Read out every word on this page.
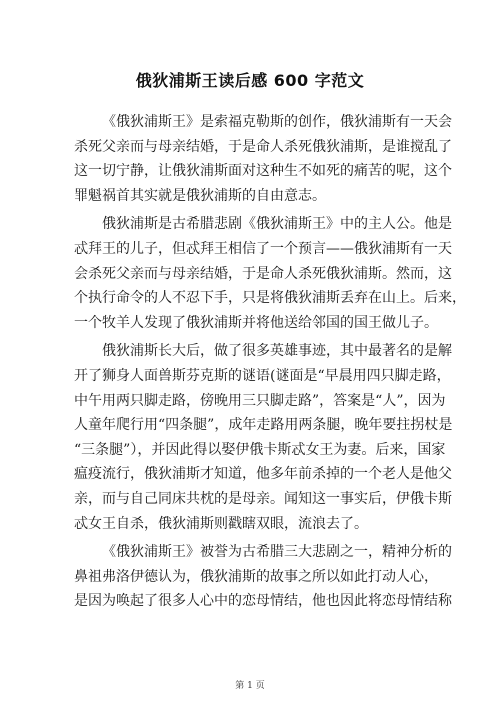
俄狄浦斯王读后感 600 字范文
《俄狄浦斯王》是索福克勒斯的创作，俄狄浦斯有一天会
杀死父亲而与母亲结婚，于是命人杀死俄狄浦斯，是谁搅乱了
这一切宁静，让俄狄浦斯面对这种生不如死的痛苦的呢，这个
罪魁祸首其实就是俄狄浦斯的自由意志。
俄狄浦斯是古希腊悲剧《俄狄浦斯王》中的主人公。他是
忒拜王的儿子，但忒拜王相信了一个预言——俄狄浦斯有一天
会杀死父亲而与母亲结婚，于是命人杀死俄狄浦斯。然而，这
个执行命令的人不忍下手，只是将俄狄浦斯丢弃在山上。后来，
一个牧羊人发现了俄狄浦斯并将他送给邻国的国王做儿子。
俄狄浦斯长大后，做了很多英雄事迹，其中最著名的是解
开了狮身人面兽斯芬克斯的谜语(谜面是“早晨用四只脚走路，
中午用两只脚走路，傍晚用三只脚走路”，答案是“人”，因为
人童年爬行用“四条腿”，成年走路用两条腿，晚年要拄拐杖是
“三条腿”），并因此得以娶伊俄卡斯忒女王为妻。后来，国家
瘟疫流行，俄狄浦斯才知道，他多年前杀掉的一个老人是他父
亲，而与自己同床共枕的是母亲。闻知这一事实后，伊俄卡斯
忒女王自杀，俄狄浦斯则戳瞎双眼，流浪去了。
《俄狄浦斯王》被誉为古希腊三大悲剧之一，精神分析的
鼻祖弗洛伊德认为，俄狄浦斯的故事之所以如此打动人心，
是因为唤起了很多人心中的恋母情结，他也因此将恋母情结称
第 1 页
